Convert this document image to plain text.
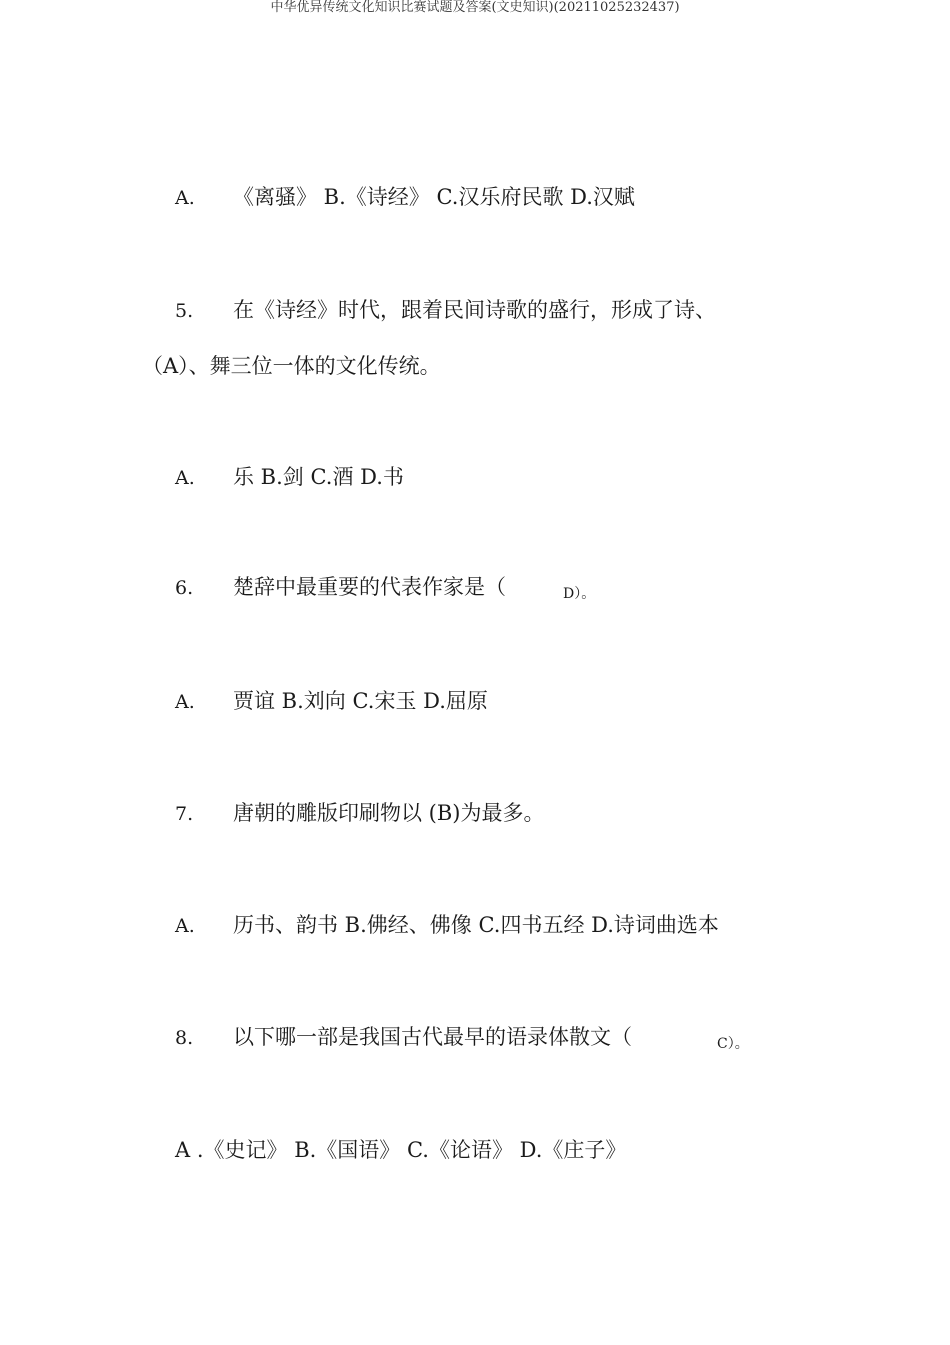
中华优异传统文化知识比赛试题及答案(文史知识)(20211025232437)
A. 《离骚》 B.《诗经》 C.汉乐府民歌 D.汉赋
5. 在《诗经》时代，跟着民间诗歌的盛行，形成了诗、
（A）、舞三位一体的文化传统。
A. 乐 B.剑 C.酒 D.书
6. 楚辞中最重要的代表作家是（	D）。
A. 贾谊 B.刘向 C.宋玉 D.屈原
7. 唐朝的雕版印刷物以 (B)为最多。
A. 历书、韵书 B.佛经、佛像 C.四书五经 D.诗词曲选本
8. 以下哪一部是我国古代最早的语录体散文（	C）。
A .《史记》 B.《国语》 C.《论语》 D.《庄子》
